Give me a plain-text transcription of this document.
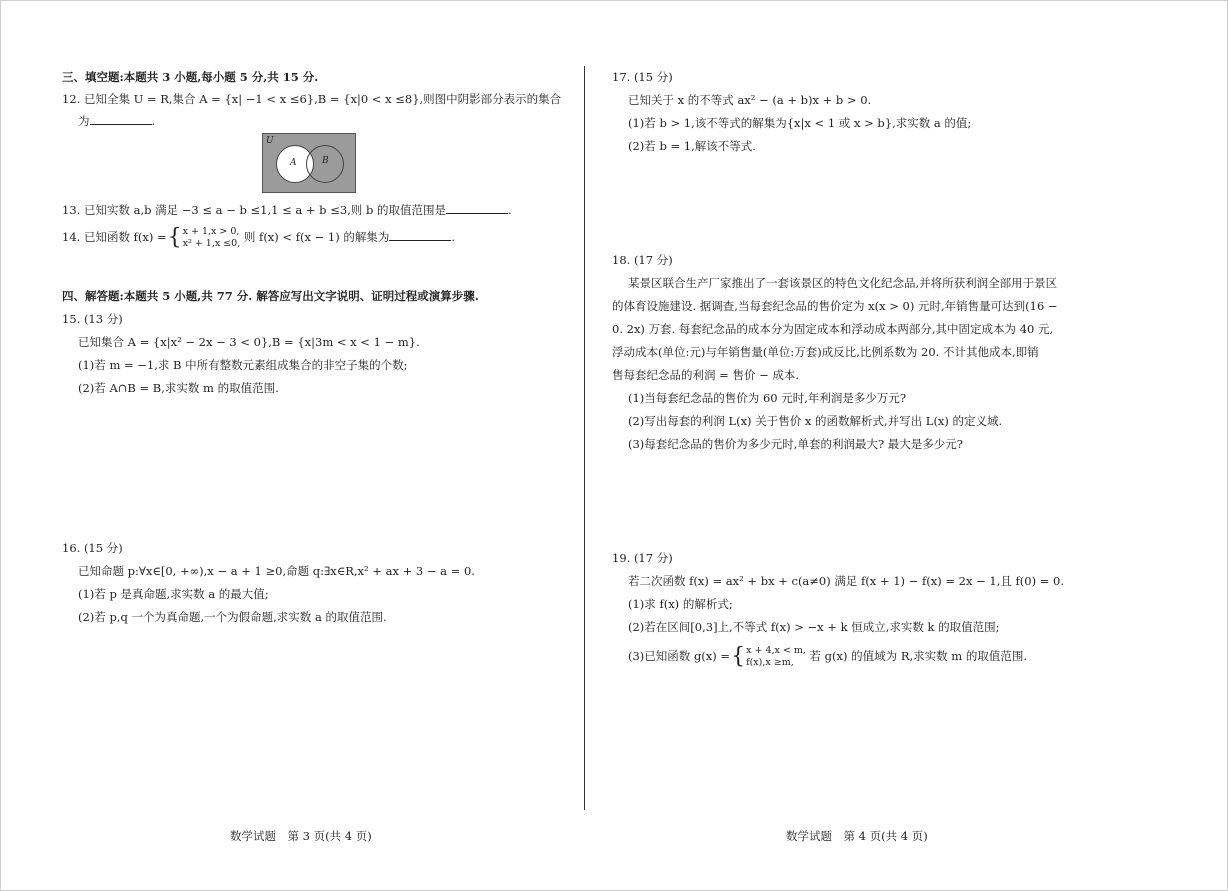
三、填空题:本题共 3 小题,每小题 5 分,共 15 分.
12. 已知全集 U = R,集合 A = {x| −1 < x ≤6},B = {x|0 < x ≤8},则图中阴影部分表示的集合
为	.
U
A	B
13. 已知实数 a,b 满足 −3 ≤ a − b ≤1,1 ≤ a + b ≤3,则 b 的取值范围是	.
14. 已知函数 f(x) ={x + 1,x > 0,
x² + 1,x ≤0, 则 f(x) < f(x − 1) 的解集为	.
四、解答题:本题共 5 小题,共 77 分. 解答应写出文字说明、证明过程或演算步骤.
15. (13 分)
已知集合 A = {x|x² − 2x − 3 < 0},B = {x|3m < x < 1 − m}.
(1)若 m = −1,求 B 中所有整数元素组成集合的非空子集的个数;
(2)若 A∩B = B,求实数 m 的取值范围.
16. (15 分)
已知命题 p:∀x∈[0, +∞),x − a + 1 ≥0,命题 q:∃x∈R,x² + ax + 3 − a = 0.
(1)若 p 是真命题,求实数 a 的最大值;
(2)若 p,q 一个为真命题,一个为假命题,求实数 a 的取值范围.
数学试题　第 3 页(共 4 页)
17. (15 分)
已知关于 x 的不等式 ax² − (a + b)x + b > 0.
(1)若 b > 1,该不等式的解集为{x|x < 1 或 x > b},求实数 a 的值;
(2)若 b = 1,解该不等式.
18. (17 分)
某景区联合生产厂家推出了一套该景区的特色文化纪念品,并将所获利润全部用于景区
的体育设施建设. 据调查,当每套纪念品的售价定为 x(x > 0) 元时,年销售量可达到(16 −
0. 2x) 万套. 每套纪念品的成本分为固定成本和浮动成本两部分,其中固定成本为 40 元,
浮动成本(单位:元)与年销售量(单位:万套)成反比,比例系数为 20. 不计其他成本,即销
售每套纪念品的利润 = 售价 − 成本.
(1)当每套纪念品的售价为 60 元时,年利润是多少万元?
(2)写出每套的利润 L(x) 关于售价 x 的函数解析式,并写出 L(x) 的定义域.
(3)每套纪念品的售价为多少元时,单套的利润最大? 最大是多少元?
19. (17 分)
若二次函数 f(x) = ax² + bx + c(a≠0) 满足 f(x + 1) − f(x) = 2x − 1,且 f(0) = 0.
(1)求 f(x) 的解析式;
(2)若在区间[0,3]上,不等式 f(x) > −x + k 恒成立,求实数 k 的取值范围;
(3)已知函数 g(x) ={x + 4,x < m,
f(x),x ≥m, 若 g(x) 的值域为 R,求实数 m 的取值范围.
数学试题　第 4 页(共 4 页)
